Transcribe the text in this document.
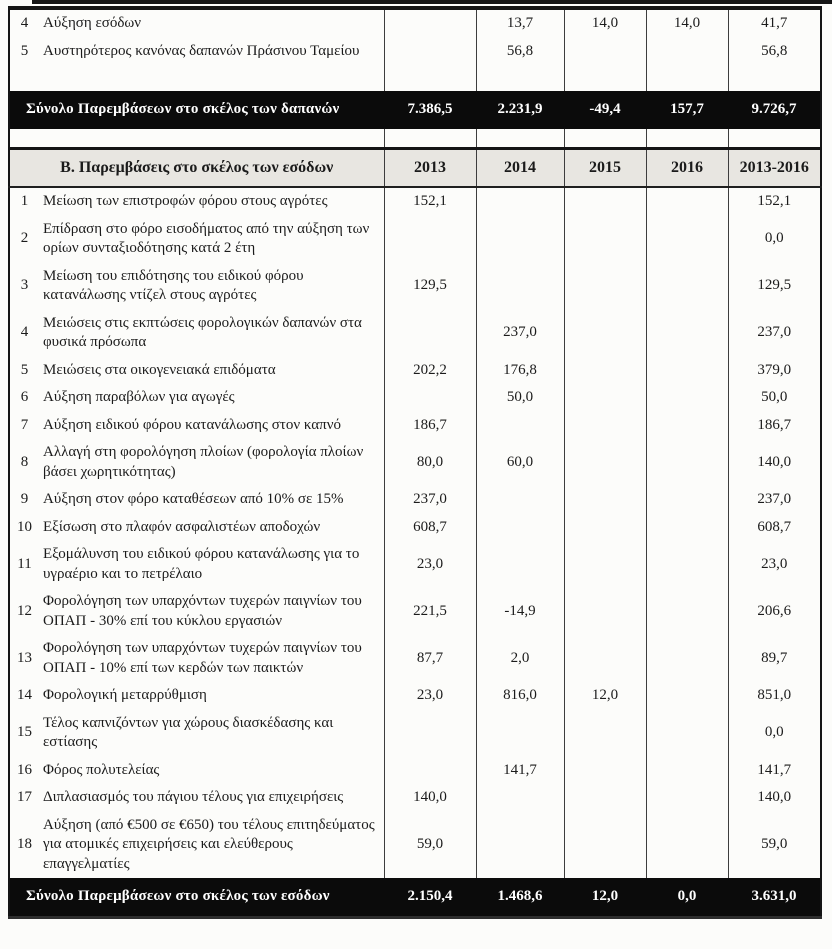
4	Αύξηση εσόδων		13,7	14,0	14,0	41,7
5	Αυστηρότερος κανόνας δαπανών Πράσινου Ταμείου		56,8			56,8

Σύνολο Παρεμβάσεων στο σκέλος των δαπανών		7.386,5	2.231,9	-49,4	157,7	9.726,7

Β. Παρεμβάσεις στο σκέλος των εσόδων		2013	2014	2015	2016	2013-2016
1	Μείωση των επιστροφών φόρου στους αγρότες	152,1				152,1
2	Επίδραση στο φόρο εισοδήματος από την αύξηση των ορίων συνταξιοδότησης κατά 2 έτη					0,0
3	Μείωση του επιδότησης του ειδικού φόρου κατανάλωσης ντίζελ στους αγρότες	129,5				129,5
4	Μειώσεις στις εκπτώσεις φορολογικών δαπανών στα φυσικά πρόσωπα		237,0			237,0
5	Μειώσεις στα οικογενειακά επιδόματα	202,2	176,8			379,0
6	Αύξηση παραβόλων για αγωγές		50,0			50,0
7	Αύξηση ειδικού φόρου κατανάλωσης στον καπνό	186,7				186,7
8	Αλλαγή στη φορολόγηση πλοίων (φορολογία πλοίων βάσει χωρητικότητας)	80,0	60,0			140,0
9	Αύξηση στον φόρο καταθέσεων από 10% σε 15%	237,0				237,0
10	Εξίσωση στο πλαφόν ασφαλιστέων αποδοχών	608,7				608,7
11	Εξομάλυνση του ειδικού φόρου κατανάλωσης για το υγραέριο και το πετρέλαιο	23,0				23,0
12	Φορολόγηση των υπαρχόντων τυχερών παιγνίων του ΟΠΑΠ - 30% επί του κύκλου εργασιών	221,5	-14,9			206,6
13	Φορολόγηση των υπαρχόντων τυχερών παιγνίων του ΟΠΑΠ - 10% επί των κερδών των παικτών	87,7	2,0			89,7
14	Φορολογική μεταρρύθμιση	23,0	816,0	12,0		851,0
15	Τέλος καπνιζόντων για χώρους διασκέδασης και εστίασης					0,0
16	Φόρος πολυτελείας		141,7			141,7
17	Διπλασιασμός του πάγιου τέλους για επιχειρήσεις	140,0				140,0
18	Αύξηση (από €500 σε €650) του τέλους επιτηδεύματος για ατομικές επιχειρήσεις και ελεύθερους επαγγελματίες	59,0				59,0
Σύνολο Παρεμβάσεων στο σκέλος των εσόδων		2.150,4	1.468,6	12,0	0,0	3.631,0
